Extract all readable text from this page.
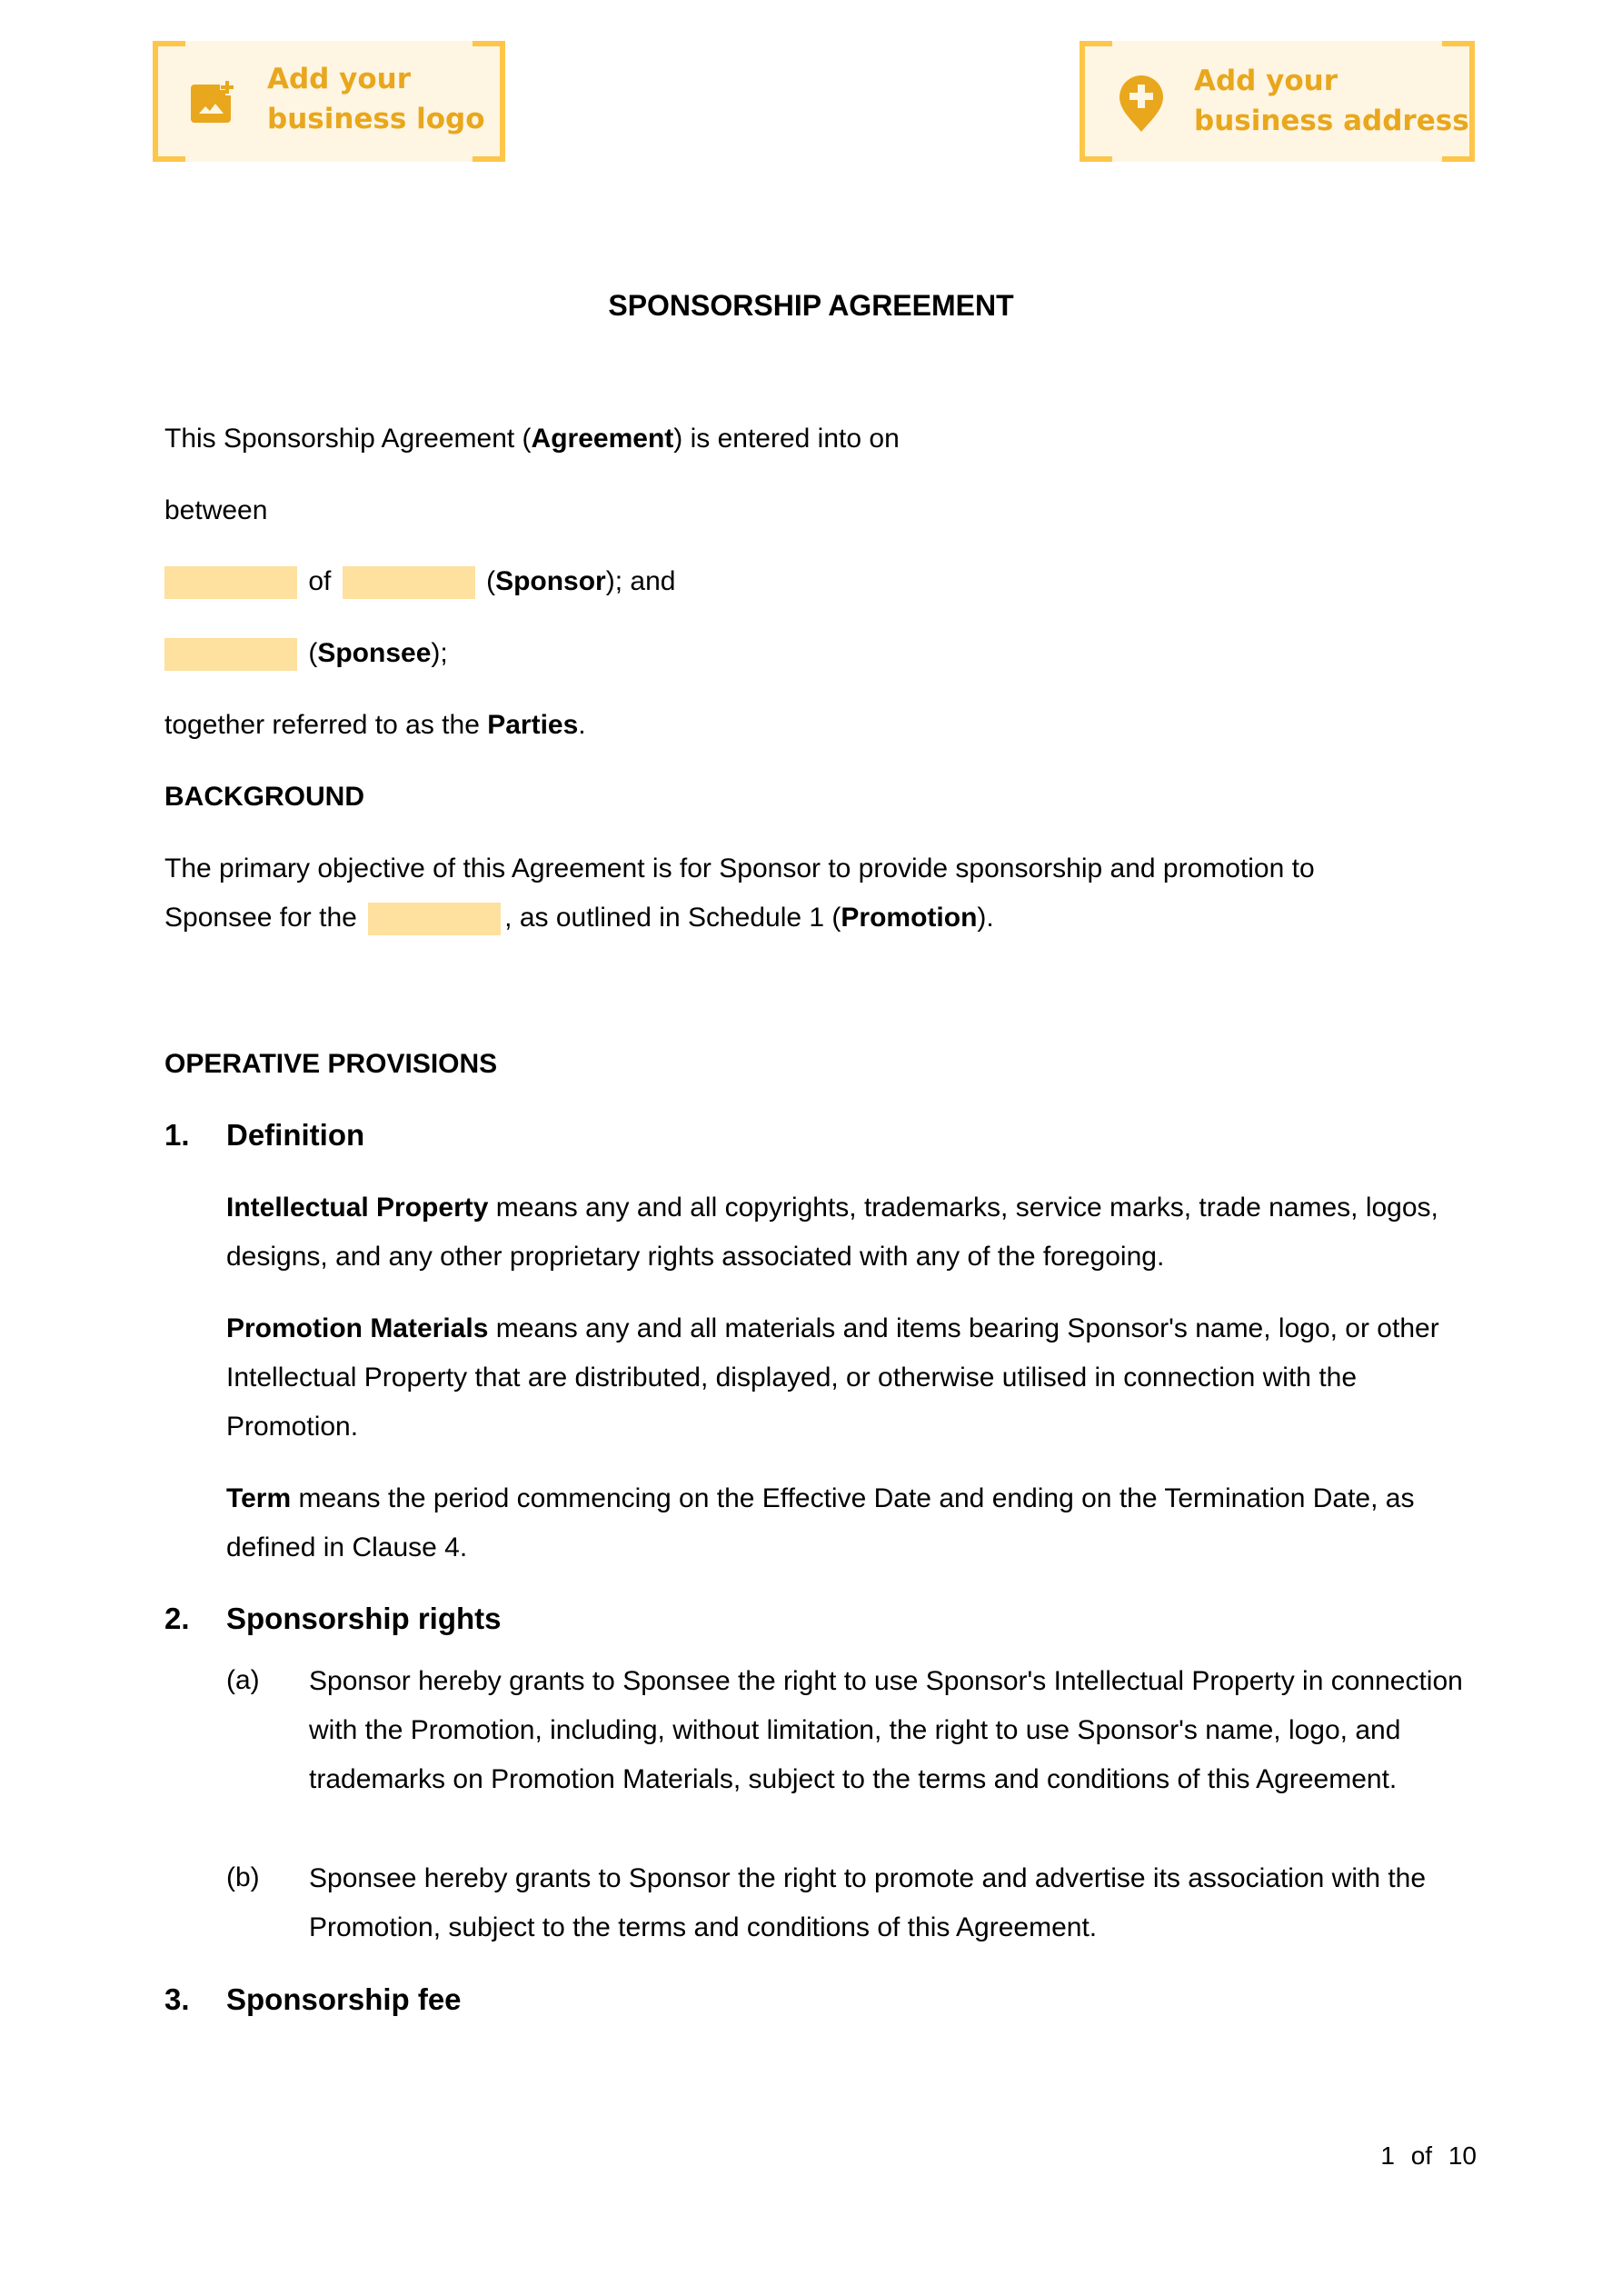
Add your
business logo
Add your
business address
SPONSORSHIP AGREEMENT
This Sponsorship Agreement (Agreement) is entered into on
between
of	(Sponsor); and
(Sponsee);
together referred to as the Parties.
BACKGROUND
The primary objective of this Agreement is for Sponsor to provide sponsorship and promotion to
Sponsee for the	, as outlined in Schedule 1 (Promotion).
OPERATIVE PROVISIONS
1. Definition
Intellectual Property means any and all copyrights, trademarks, service marks, trade names, logos, designs, and any other proprietary rights associated with any of the foregoing.
Promotion Materials means any and all materials and items bearing Sponsor's name, logo, or other Intellectual Property that are distributed, displayed, or otherwise utilised in connection with the Promotion.
Term means the period commencing on the Effective Date and ending on the Termination Date, as defined in Clause 4.
2. Sponsorship rights
(a) Sponsor hereby grants to Sponsee the right to use Sponsor's Intellectual Property in connection with the Promotion, including, without limitation, the right to use Sponsor's name, logo, and trademarks on Promotion Materials, subject to the terms and conditions of this Agreement.
(b) Sponsee hereby grants to Sponsor the right to promote and advertise its association with the Promotion, subject to the terms and conditions of this Agreement.
3. Sponsorship fee
1 of 10
